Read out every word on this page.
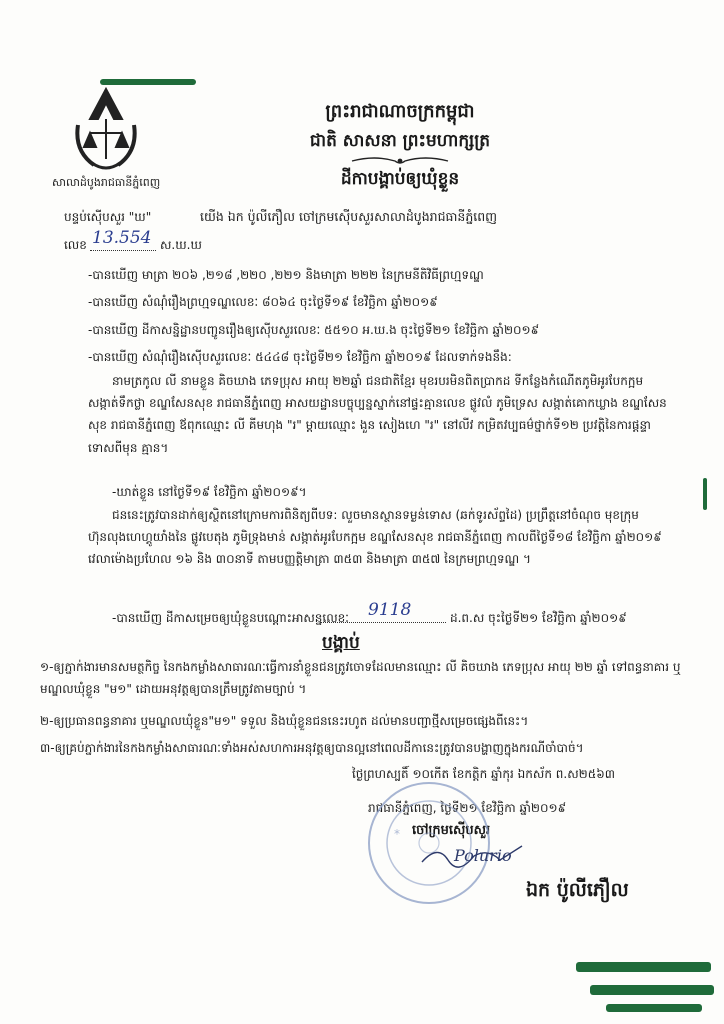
សាលាដំបូងរាជធានីភ្នំពេញ
ព្រះរាជាណាចក្រកម្ពុជា
ជាតិ សាសនា ព្រះមហាក្សត្រ
ដីកាបង្គាប់ឲ្យឃុំខ្លួន
បន្ទប់ស៊ើបសួរ "ឃ"	យើង ឯក ប៉ូលីភឿល ចៅក្រមស៊ើបសួរសាលាដំបូងរាជធានីភ្នំពេញ
លេខ 13.554 ស.ឃ.ឃ
-បានឃើញ មាត្រា ២០៦ ,២១៨ ,២២០ ,២២១ និងមាត្រា ២២២ នៃក្រមនីតិវិធីព្រហ្មទណ្ឌ
-បានឃើញ សំណុំរឿងព្រហ្មទណ្ឌលេខៈ ៨០៦៤ ចុះថ្ងៃទី១៩ ខែវិច្ឆិកា ឆ្នាំ២០១៩
-បានឃើញ ដីកាសន្និដ្ឋានបញ្ជូនរឿងឲ្យស៊ើបសួរលេខៈ ៥៥១០ អ.ឃ.ង ចុះថ្ងៃទី២១ ខែវិច្ឆិកា ឆ្នាំ២០១៩
-បានឃើញ សំណុំរឿងស៊ើបសួរលេខៈ ៥៤៤៨ ចុះថ្ងៃទី២១ ខែវិច្ឆិកា ឆ្នាំ២០១៩ ដែលទាក់ទងនឹង:
នាមត្រកូល លី នាមខ្លួន គិចឃាង ភេទប្រុស អាយុ ២២ឆ្នាំ ជនជាតិខ្មែរ មុខរបរមិនពិតប្រាកដ ទីកន្លែងកំណើតភូមិអូរបែកក្អម សង្កាត់ទឹកថ្លា ខណ្ឌសែនសុខ រាជធានីភ្នំពេញ អាសយដ្ឋានបច្ចុប្បន្នស្នាក់នៅផ្ទះគ្មានលេខ ផ្លូវលំ ភូមិទ្រេស សង្កាត់គោកឃ្លាង ខណ្ឌសែនសុខ រាជធានីភ្នំពេញ ឪពុកឈ្មោះ លី គីមហុង "រ" ម្តាយឈ្មោះ ងួន សៀងហេ "រ" នៅលីវ កម្រិតវប្បធម៌ថ្នាក់ទី១២ ប្រវត្តិនៃការផ្តន្ទាទោសពីមុន គ្មាន។
-ឃាត់ខ្លួន នៅថ្ងៃទី១៩ ខែវិច្ឆិកា ឆ្នាំ២០១៩។
ជននេះត្រូវបានដាក់ឲ្យស្ថិតនៅក្រោមការពិនិត្យពីបទ: លួចមានស្ថានទម្ងន់ទោស (ឆក់ទូរស័ព្ទដៃ) ប្រព្រឹត្តនៅចំណុច មុខក្រុមហ៊ុនលុងហេហ្គូយាំងនៃ ផ្លូវបេតុង ភូមិទ្រុងមាន់ សង្កាត់អូរបែកក្អម ខណ្ឌសែនសុខ រាជធានីភ្នំពេញ កាលពីថ្ងៃទី១៨ ខែវិច្ឆិកា ឆ្នាំ២០១៩ វេលាម៉ោងប្រហែល ១៦ និង ៣០នាទី តាមបញ្ញត្តិមាត្រា ៣៥៣ និងមាត្រា ៣៥៧ នៃក្រមព្រហ្មទណ្ឌ ។
-បានឃើញ ដីកាសម្រេចឲ្យឃុំខ្លួនបណ្តោះអាសន្នលេខៈ 9118	ដ.ព.ស ចុះថ្ងៃទី២១ ខែវិច្ឆិកា ឆ្នាំ២០១៩
បង្គាប់
១-ឲ្យភ្នាក់ងារមានសមត្ថកិច្ច នៃកងកម្លាំងសាធារណៈធ្វើការនាំខ្លួនជនត្រូវចោទដែលមានឈ្មោះ លី គិចឃាង ភេទប្រុស អាយុ ២២ ឆ្នាំ ទៅពន្ធនាគារ ឬមណ្ឌលឃុំខ្លួន "ម១" ដោយអនុវត្តឲ្យបានត្រឹមត្រូវតាមច្បាប់ ។
២-ឲ្យប្រធានពន្ធនាគារ ឬមណ្ឌលឃុំខ្លួន"ម១" ទទួល និងឃុំខ្លួនជននេះរហូត ដល់មានបញ្ជាថ្មីសម្រេចផ្សេងពីនេះ។
៣-ឲ្យគ្រប់ភ្នាក់ងារនៃកងកម្លាំងសាធារណៈទាំងអស់សហការអនុវត្តឲ្យបានល្អនៅពេលដីកានេះត្រូវបានបង្ហាញក្នុងករណីចាំបាច់។
ថ្ងៃព្រហស្បតិ៍ ១០កើត ខែកត្តិក ឆ្នាំកុរ ឯកស័ក ព.ស២៥៦៣
រាជធានីភ្នំពេញ, ថ្ងៃទី២១ ខែវិច្ឆិកា ឆ្នាំ២០១៩
ចៅក្រមស៊ើបសួរ
*
Polurio
ឯក ប៉ូលីភឿល
